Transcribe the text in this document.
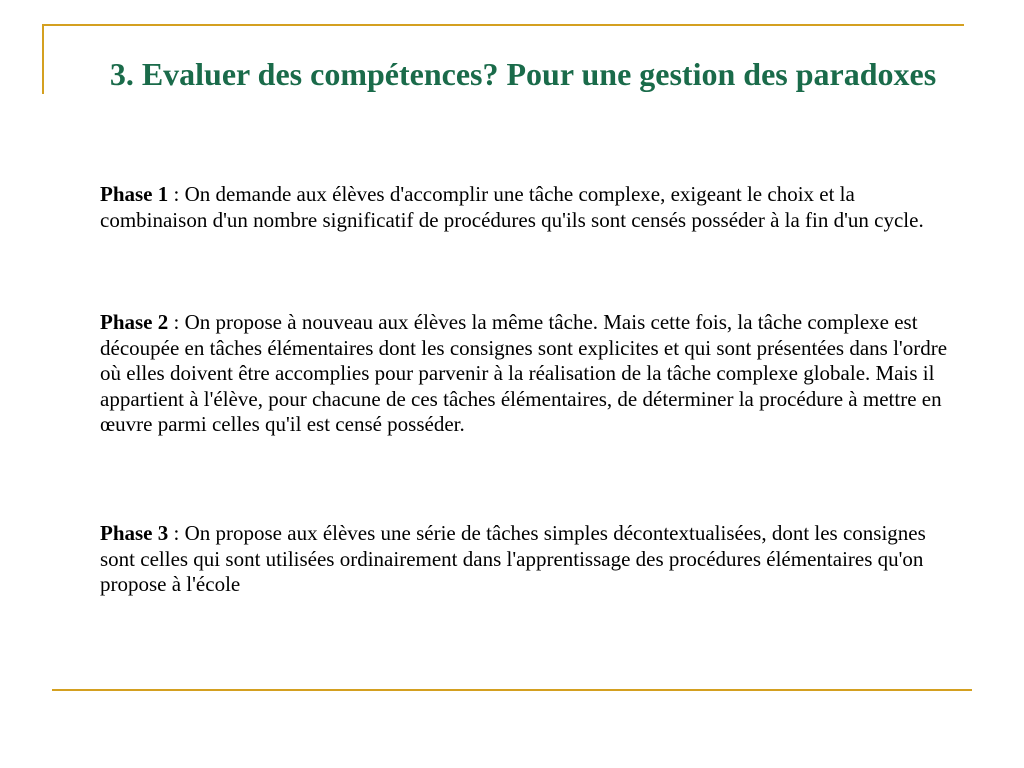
3. Evaluer des compétences? Pour une gestion des paradoxes

Phase 1 : On demande aux élèves d'accomplir une tâche complexe, exigeant le choix et la combinaison d'un nombre significatif de procédures qu'ils sont censés posséder à la fin d'un cycle.

Phase 2 : On propose à nouveau aux élèves la même tâche. Mais cette fois, la tâche complexe est découpée en tâches élémentaires dont les consignes sont explicites et qui sont présentées dans l'ordre où elles doivent être accomplies pour parvenir à la réalisation de la tâche complexe globale. Mais il appartient à l'élève, pour chacune de ces tâches élémentaires, de déterminer la procédure à mettre en œuvre parmi celles qu'il est censé posséder.

Phase 3 : On propose aux élèves une série de tâches simples décontextualisées, dont les consignes sont celles qui sont utilisées ordinairement dans l'apprentissage des procédures élémentaires qu'on propose à l'école
